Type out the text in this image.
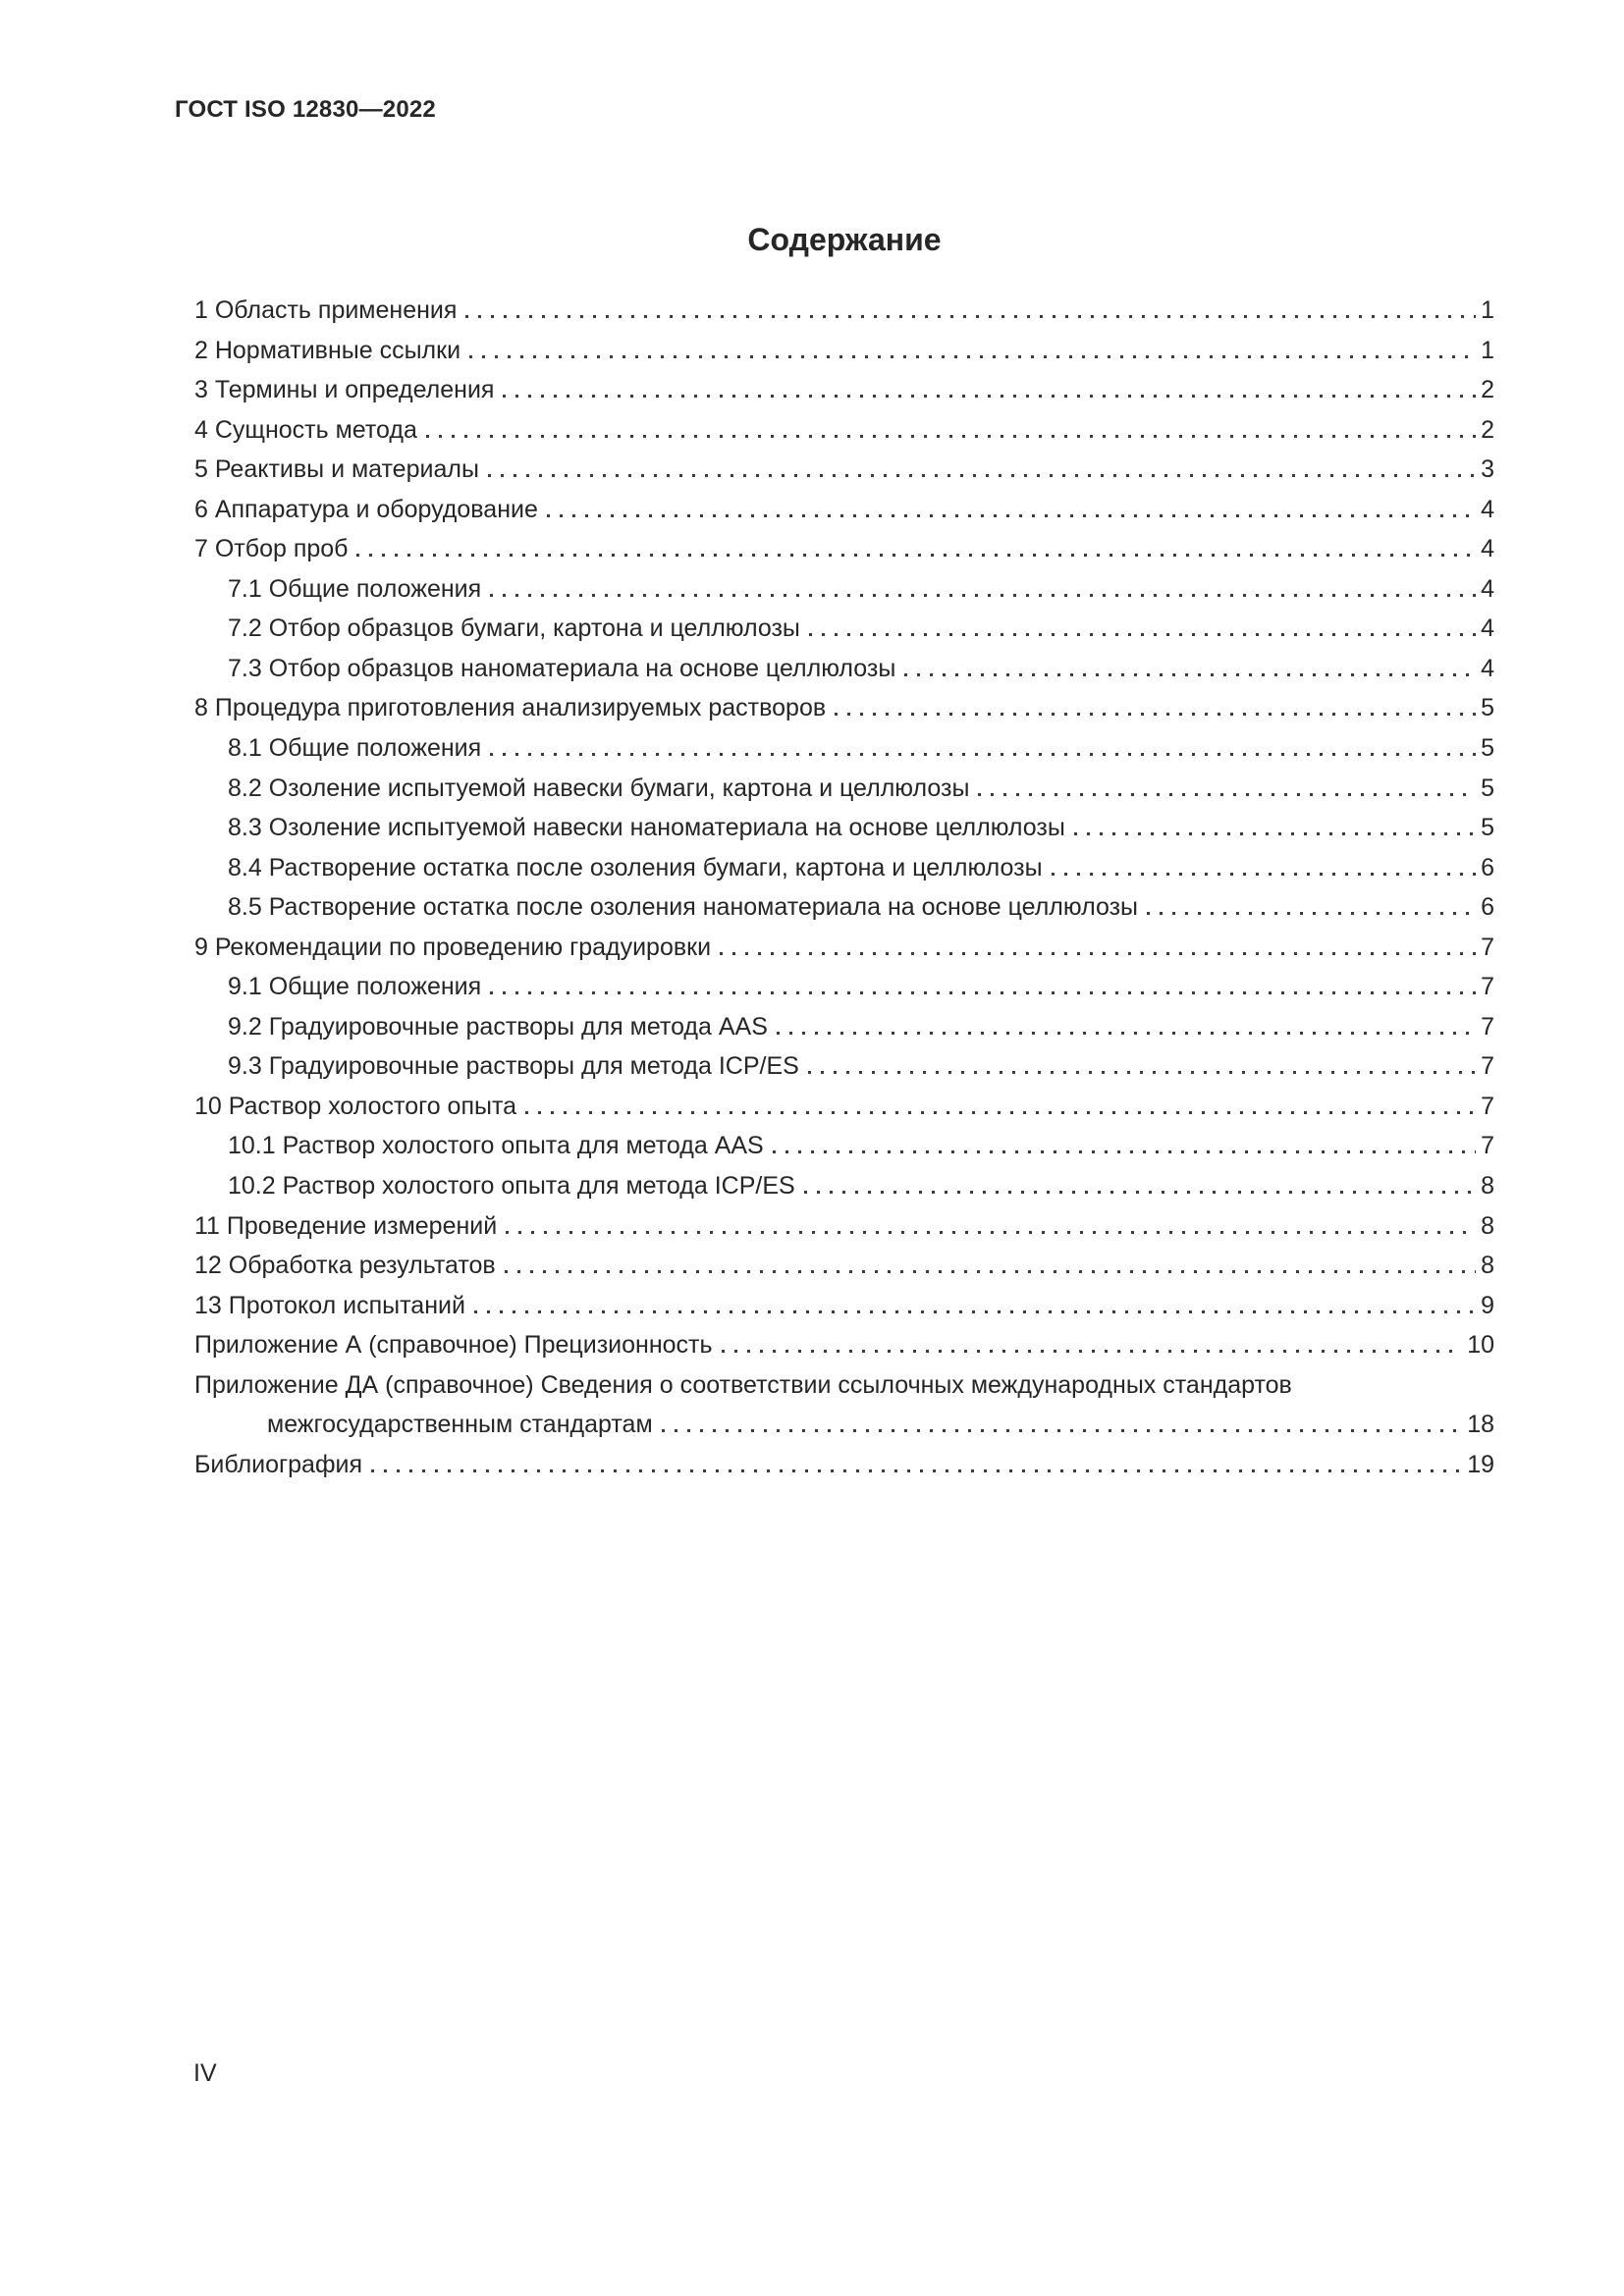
ГОСТ ISO 12830—2022
Содержание
1 Область применения	1
2 Нормативные ссылки	1
3 Термины и определения	2
4 Сущность метода	2
5 Реактивы и материалы	3
6 Аппаратура и оборудование	4
7 Отбор проб	4
7.1 Общие положения	4
7.2 Отбор образцов бумаги, картона и целлюлозы	4
7.3 Отбор образцов наноматериала на основе целлюлозы	4
8 Процедура приготовления анализируемых растворов	5
8.1 Общие положения	5
8.2 Озоление испытуемой навески бумаги, картона и целлюлозы	5
8.3 Озоление испытуемой навески наноматериала на основе целлюлозы	5
8.4 Растворение остатка после озоления бумаги, картона и целлюлозы	6
8.5 Растворение остатка после озоления наноматериала на основе целлюлозы	6
9 Рекомендации по проведению градуировки	7
9.1 Общие положения	7
9.2 Градуировочные растворы для метода AAS	7
9.3 Градуировочные растворы для метода ICP/ES	7
10 Раствор холостого опыта	7
10.1 Раствор холостого опыта для метода AAS	7
10.2 Раствор холостого опыта для метода ICP/ES	8
11 Проведение измерений	8
12 Обработка результатов	8
13 Протокол испытаний	9
Приложение А (справочное) Прецизионность	10
Приложение ДА (справочное) Сведения о соответствии ссылочных международных стандартов
межгосударственным стандартам	18
Библиография	19
IV
